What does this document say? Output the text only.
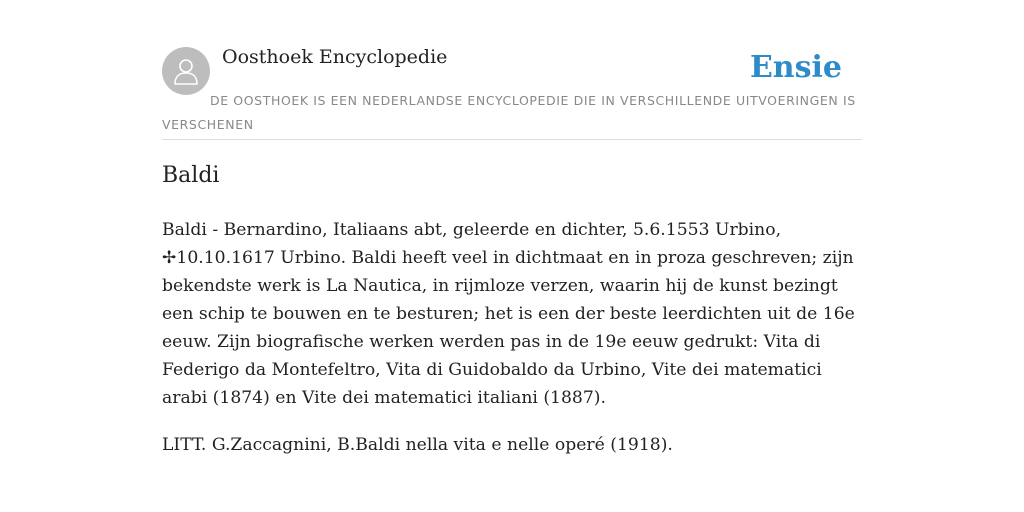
Oosthoek Encyclopedie	Ensie

DE OOSTHOEK IS EEN NEDERLANDSE ENCYCLOPEDIE DIE IN VERSCHILLENDE UITVOERINGEN IS VERSCHENEN

Baldi

Baldi - Bernardino, Italiaans abt, geleerde en dichter, 5.6.1553 Urbino, ✢10.10.1617 Urbino. Baldi heeft veel in dichtmaat en in proza geschreven; zijn bekendste werk is La Nautica, in rijmloze verzen, waarin hij de kunst bezingt een schip te bouwen en te besturen; het is een der beste leerdichten uit de 16e eeuw. Zijn biografische werken werden pas in de 19e eeuw gedrukt: Vita di Federigo da Montefeltro, Vita di Guidobaldo da Urbino, Vite dei matematici arabi (1874) en Vite dei matematici italiani (1887).

LITT. G.Zaccagnini, B.Baldi nella vita e nelle operé (1918).
